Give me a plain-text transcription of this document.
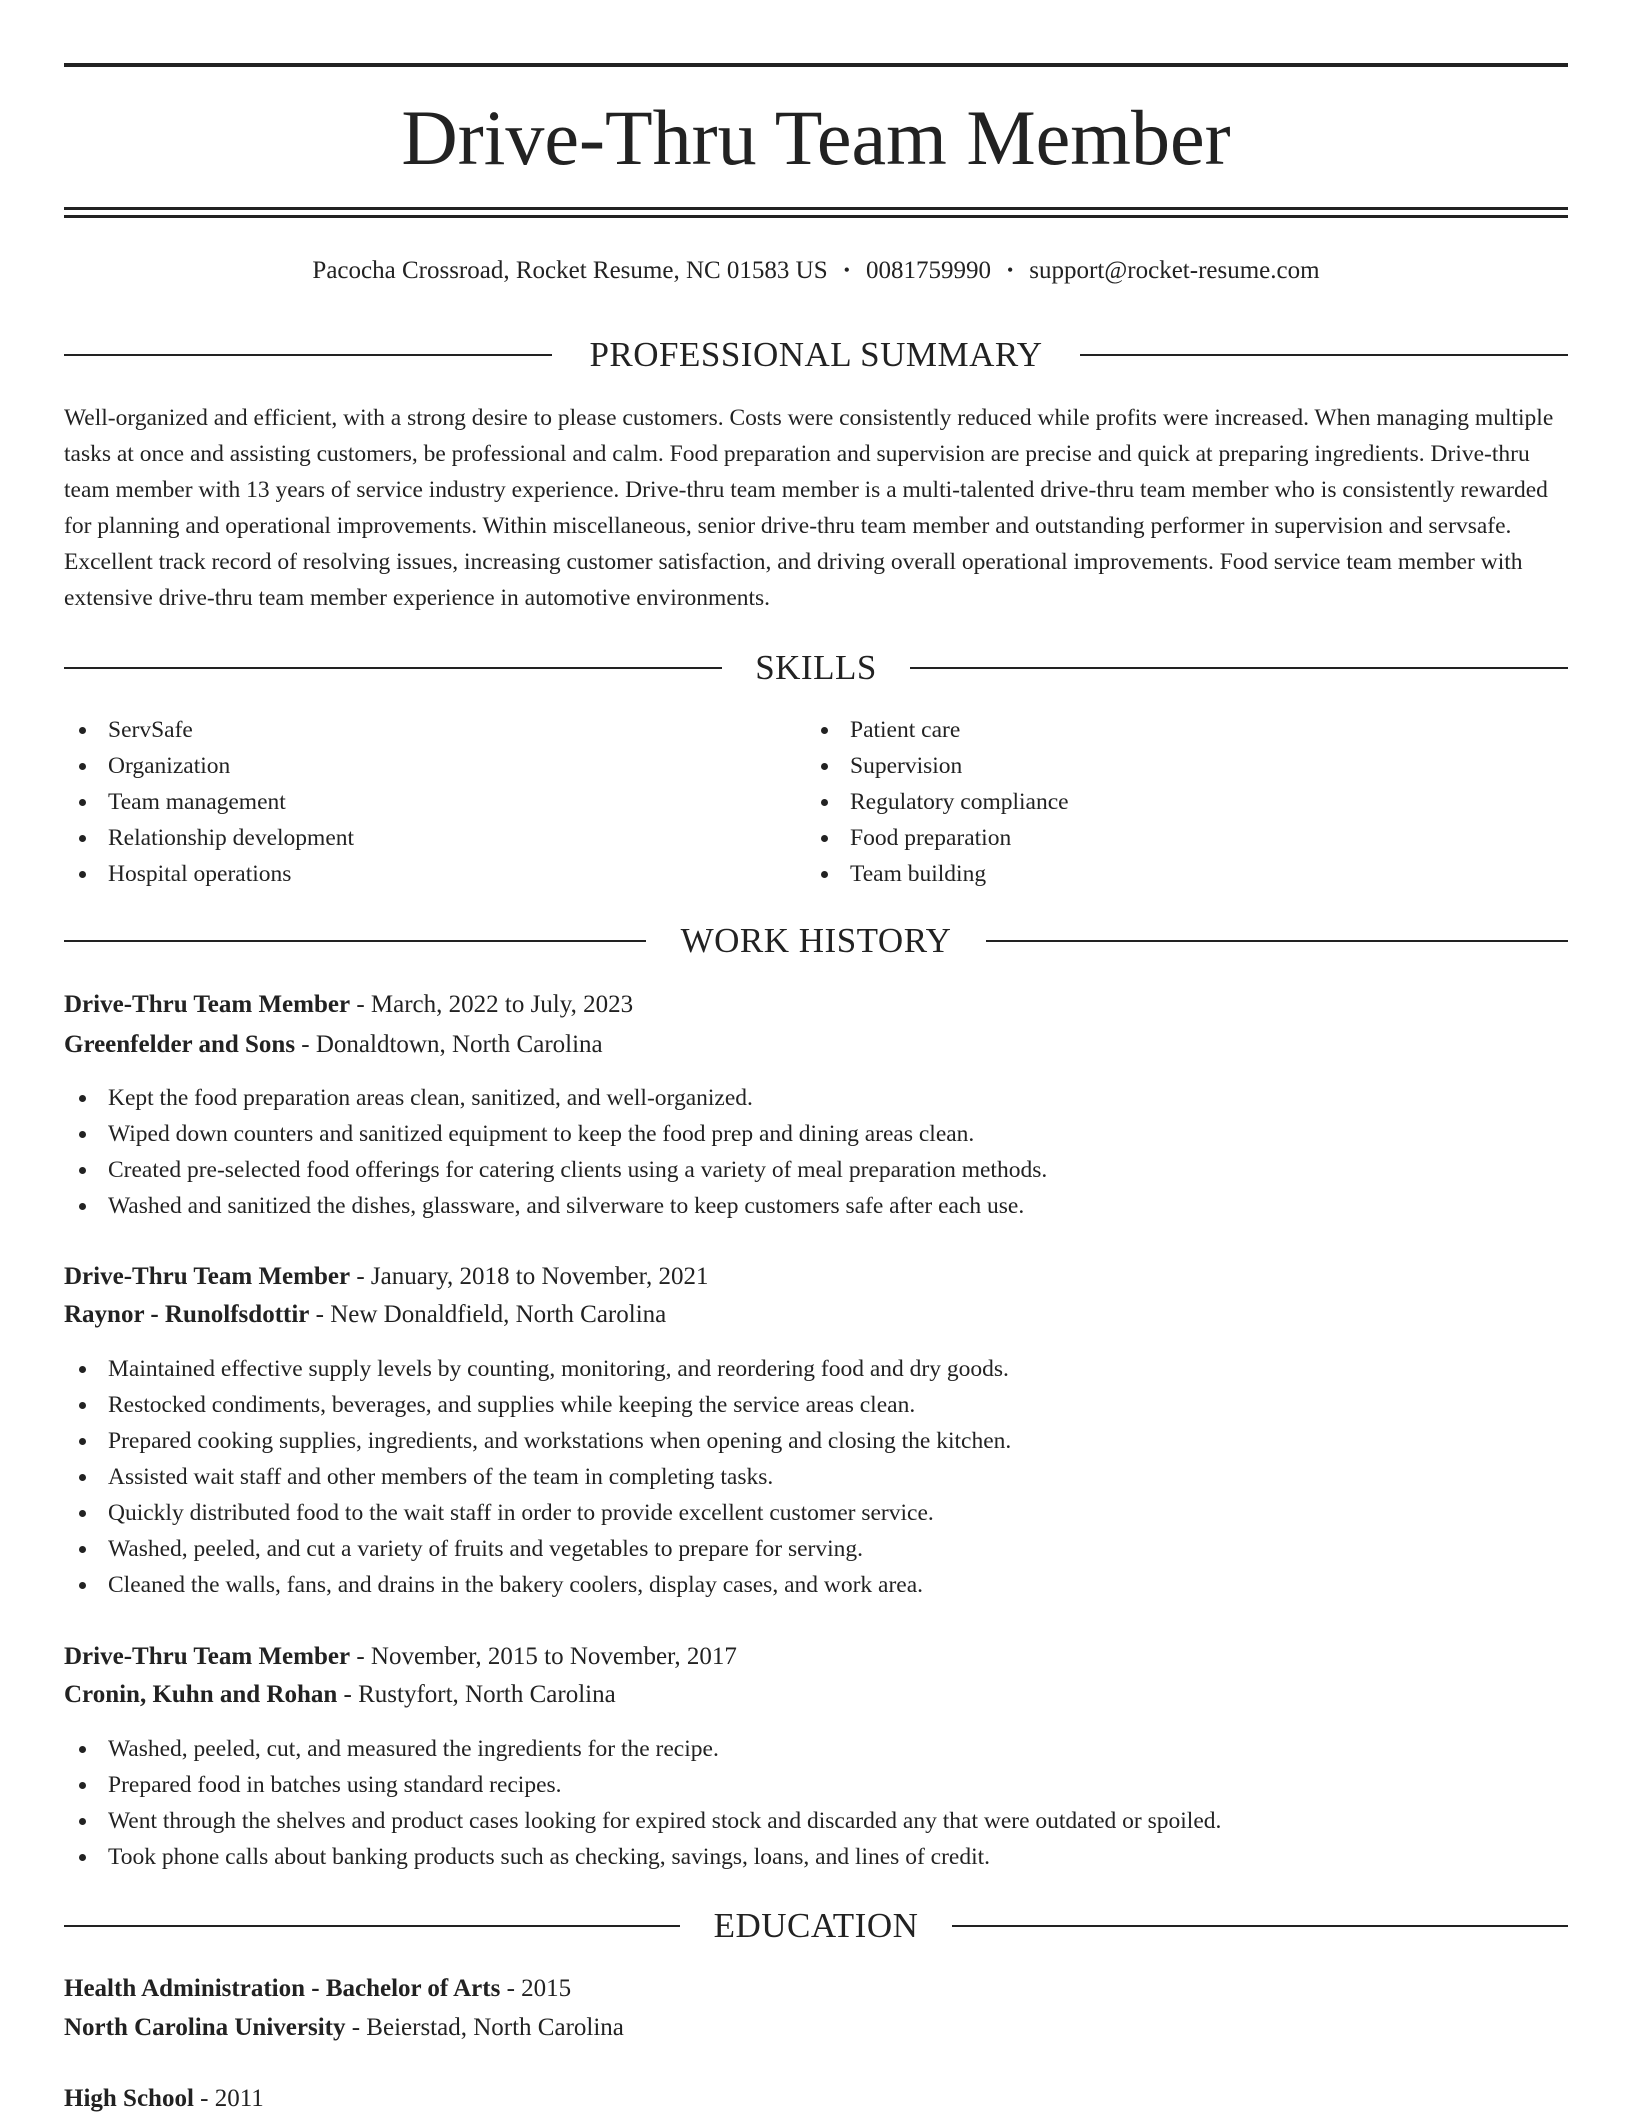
Drive-Thru Team Member
Pacocha Crossroad, Rocket Resume, NC 01583 US • 0081759990 • support@rocket-resume.com
PROFESSIONAL SUMMARY

Well-organized and efficient, with a strong desire to please customers. Costs were consistently reduced while profits were increased. When managing multiple tasks at once and assisting customers, be professional and calm. Food preparation and supervision are precise and quick at preparing ingredients. Drive-thru team member with 13 years of service industry experience. Drive-thru team member is a multi-talented drive-thru team member who is consistently rewarded for planning and operational improvements. Within miscellaneous, senior drive-thru team member and outstanding performer in supervision and servsafe. Excellent track record of resolving issues, increasing customer satisfaction, and driving overall operational improvements. Food service team member with extensive drive-thru team member experience in automotive environments.

SKILLS
ServSafe
Organization
Team management
Relationship development
Hospital operations
Patient care
Supervision
Regulatory compliance
Food preparation
Team building
WORK HISTORY
Drive-Thru Team Member - March, 2022 to July, 2023
Greenfelder and Sons - Donaldtown, North Carolina
Kept the food preparation areas clean, sanitized, and well-organized.
Wiped down counters and sanitized equipment to keep the food prep and dining areas clean.
Created pre-selected food offerings for catering clients using a variety of meal preparation methods.
Washed and sanitized the dishes, glassware, and silverware to keep customers safe after each use.
Drive-Thru Team Member - January, 2018 to November, 2021
Raynor - Runolfsdottir - New Donaldfield, North Carolina
Maintained effective supply levels by counting, monitoring, and reordering food and dry goods.
Restocked condiments, beverages, and supplies while keeping the service areas clean.
Prepared cooking supplies, ingredients, and workstations when opening and closing the kitchen.
Assisted wait staff and other members of the team in completing tasks.
Quickly distributed food to the wait staff in order to provide excellent customer service.
Washed, peeled, and cut a variety of fruits and vegetables to prepare for serving.
Cleaned the walls, fans, and drains in the bakery coolers, display cases, and work area.
Drive-Thru Team Member - November, 2015 to November, 2017
Cronin, Kuhn and Rohan - Rustyfort, North Carolina
Washed, peeled, cut, and measured the ingredients for the recipe.
Prepared food in batches using standard recipes.
Went through the shelves and product cases looking for expired stock and discarded any that were outdated or spoiled.
Took phone calls about banking products such as checking, savings, loans, and lines of credit.
EDUCATION
Health Administration - Bachelor of Arts - 2015
North Carolina University - Beierstad, North Carolina
High School - 2011
